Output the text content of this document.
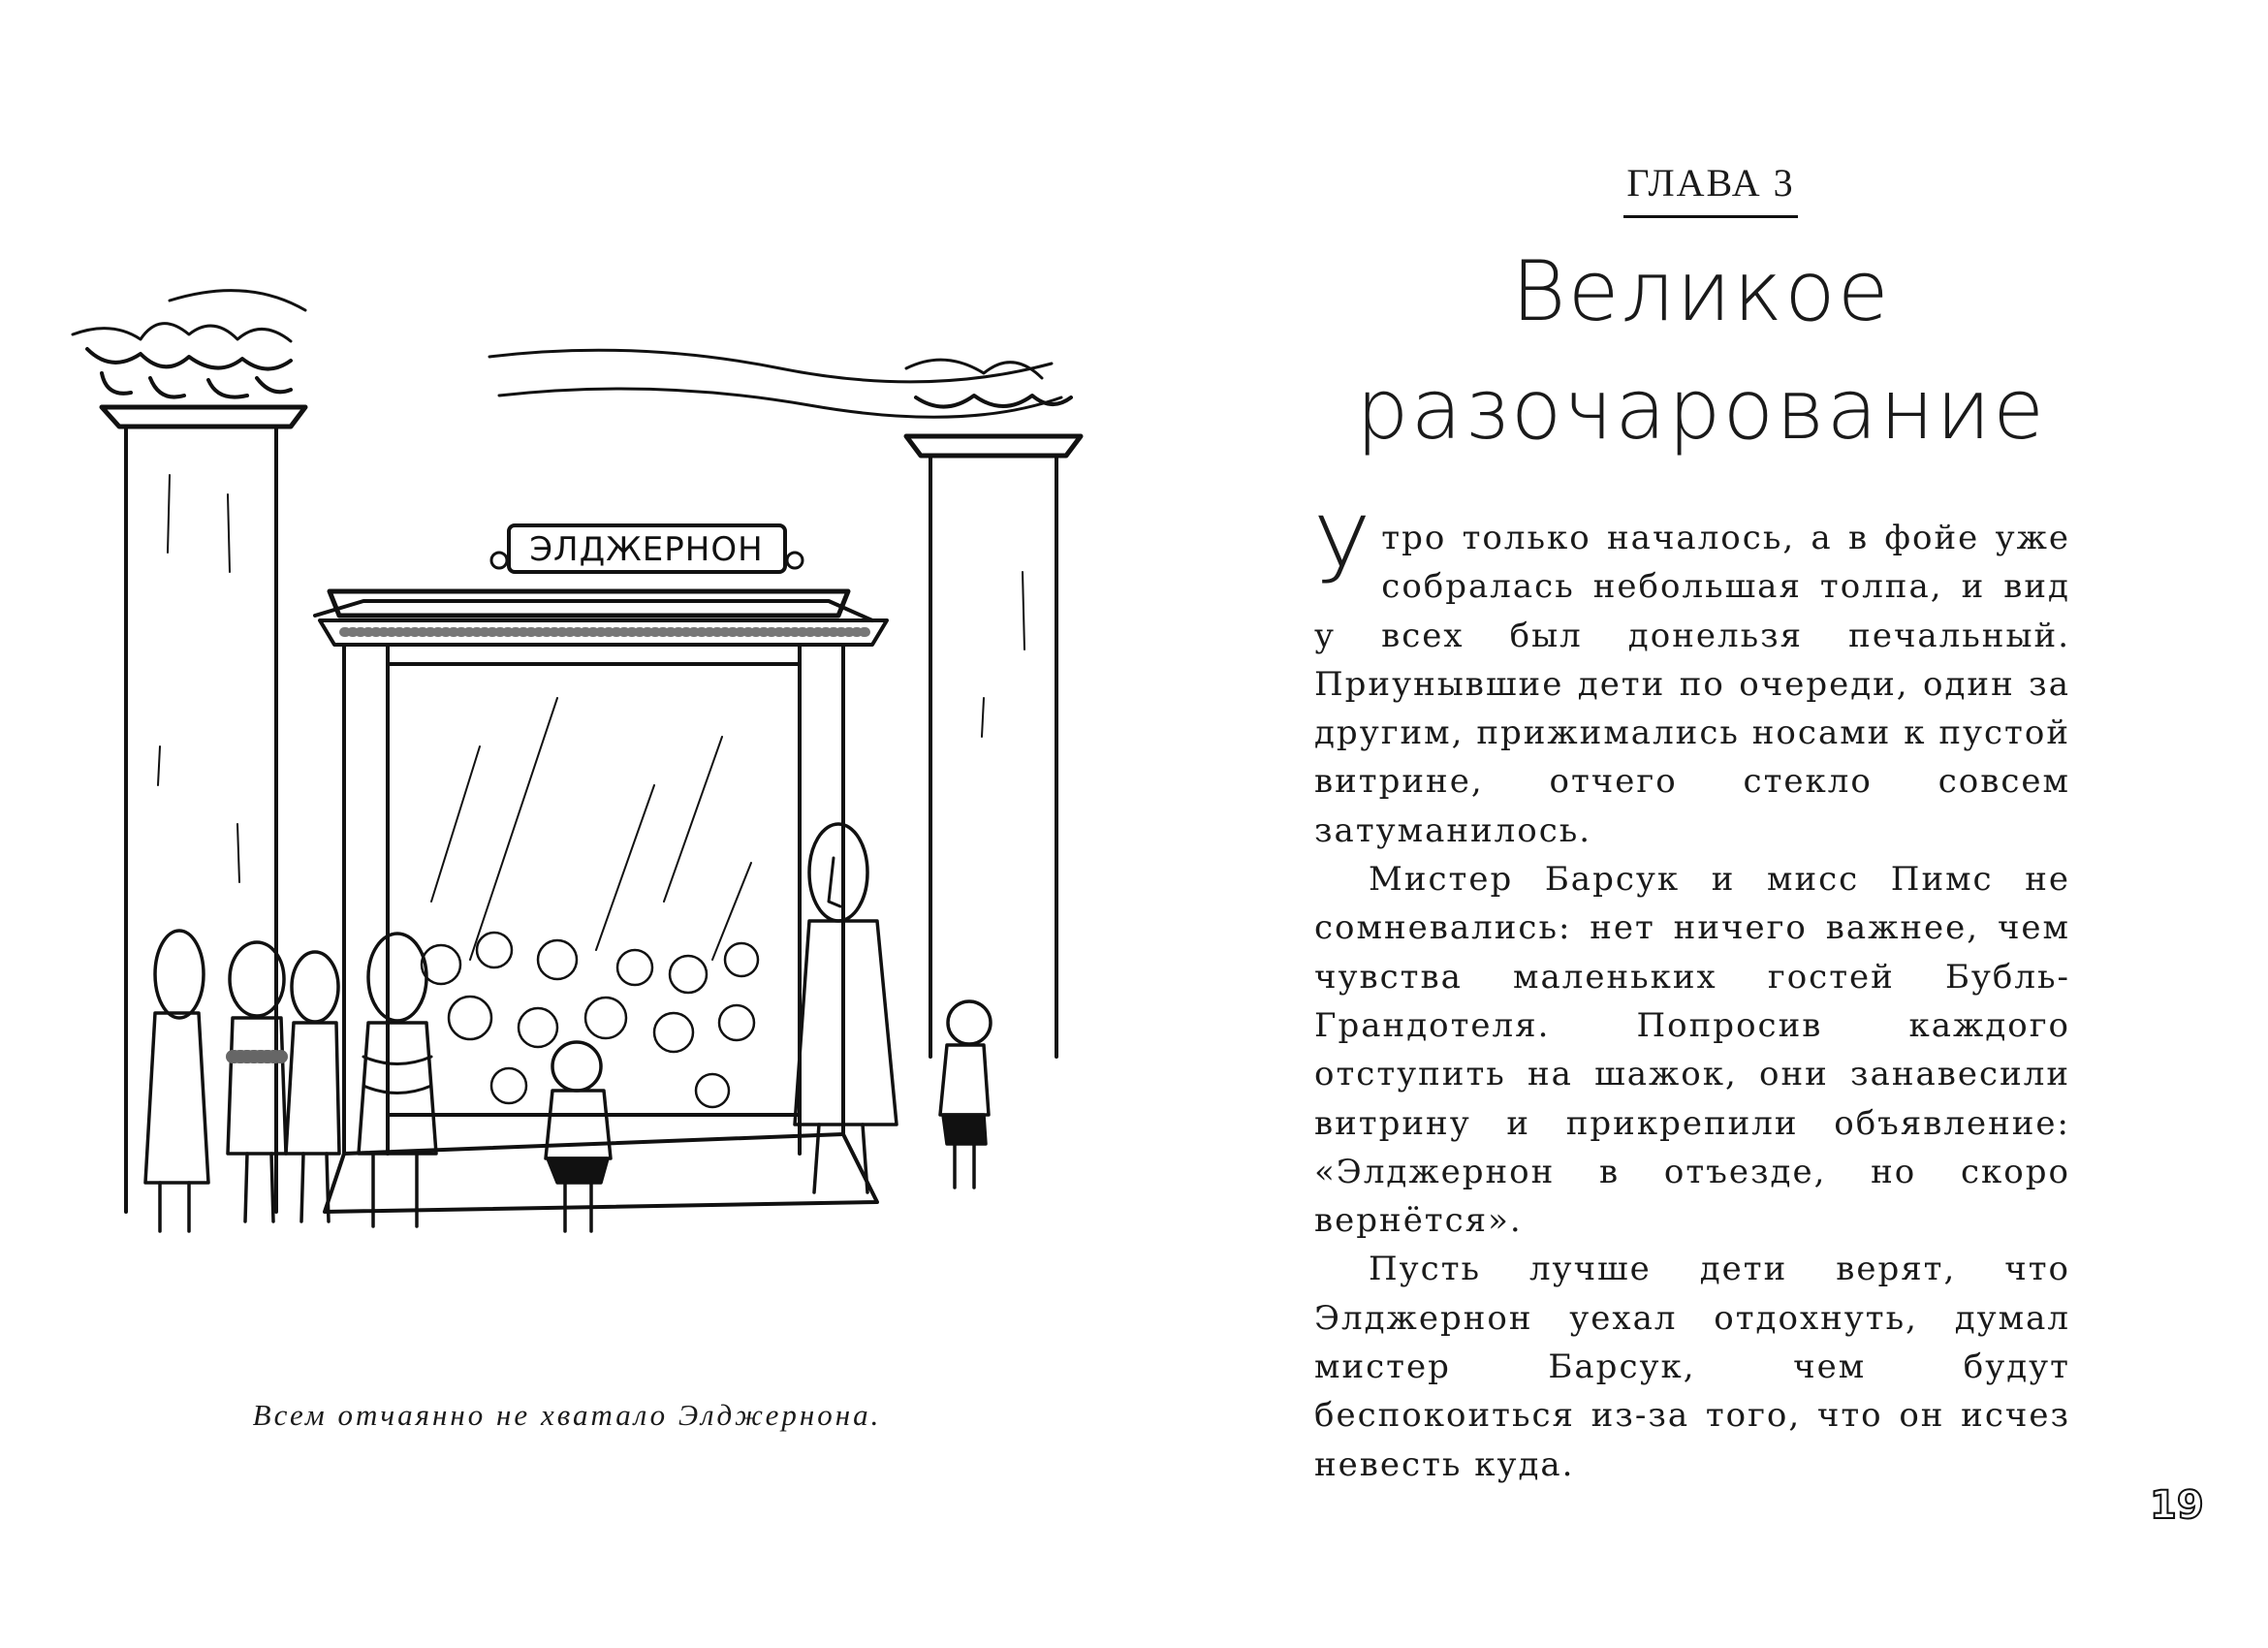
ЭЛДЖЕРНОН
Всем отчаянно не хватало Элджернона.
ГЛАВА 3
Великое
разочарование

Утро только началось, а в фойе уже собралась небольшая толпа, и вид у всех был донельзя печальный. Приунывшие дети по очереди, один за другим, прижимались носами к пустой витрине, отчего стекло совсем затуманилось.

Мистер Барсук и мисс Пимс не сомневались: нет ничего важнее, чем чувства маленьких гостей Бубль-Грандотеля. Попросив каждого отступить на шажок, они занавесили витрину и прикрепили объявление: «Элджернон в отъезде, но скоро вернётся».

Пусть лучше дети верят, что Элджернон уехал отдохнуть, думал мистер Барсук, чем будут беспокоиться из-за того, что он исчез невесть куда.

19
